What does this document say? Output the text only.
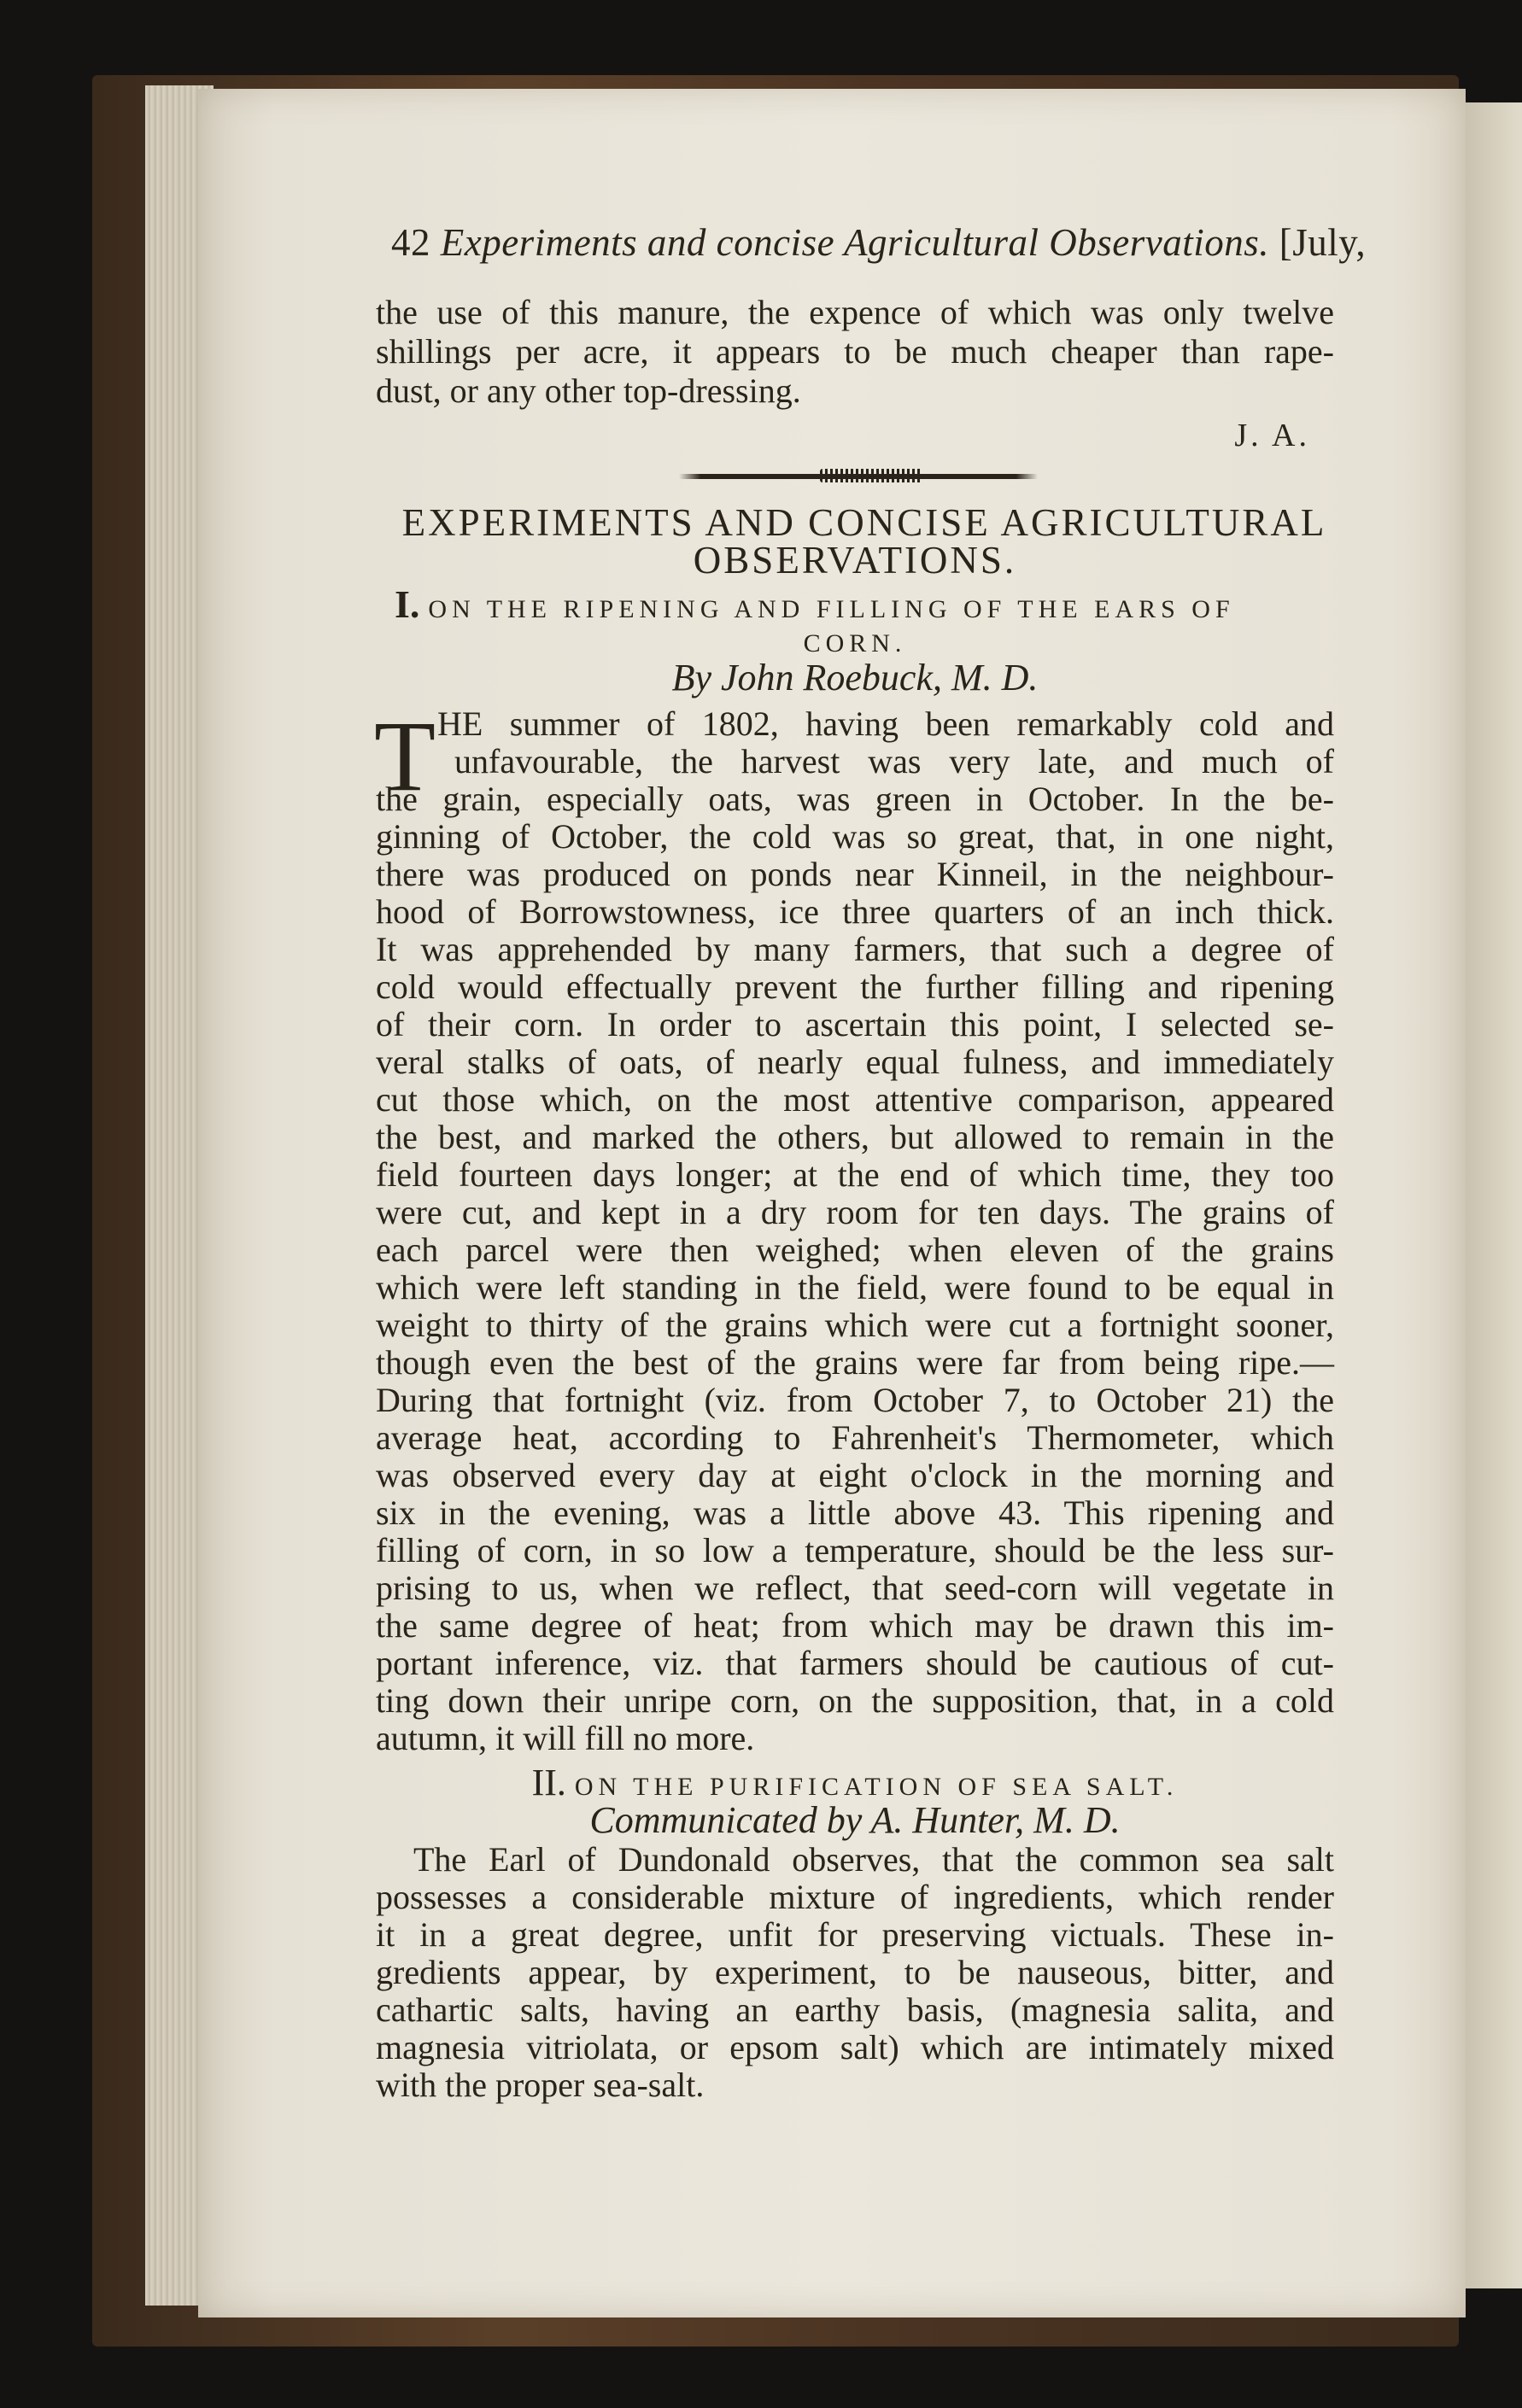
42 Experiments and concise Agricultural Observations. [July,
the use of this manure, the expence of which was only twelve
shillings per acre, it appears to be much cheaper than rape-
dust, or any other top-dressing.
J. A.
EXPERIMENTS AND CONCISE AGRICULTURAL
OBSERVATIONS.
I. ON THE RIPENING AND FILLING OF THE EARS OF
CORN.
By John Roebuck, M. D.
T HE summer of 1802, having been remarkably cold and
unfavourable, the harvest was very late, and much of
the grain, especially oats, was green in October. In the be-
ginning of October, the cold was so great, that, in one night,
there was produced on ponds near Kinneil, in the neighbour-
hood of Borrowstowness, ice three quarters of an inch thick.
It was apprehended by many farmers, that such a degree of
cold would effectually prevent the further filling and ripening
of their corn. In order to ascertain this point, I selected se-
veral stalks of oats, of nearly equal fulness, and immediately
cut those which, on the most attentive comparison, appeared
the best, and marked the others, but allowed to remain in the
field fourteen days longer; at the end of which time, they too
were cut, and kept in a dry room for ten days. The grains of
each parcel were then weighed; when eleven of the grains
which were left standing in the field, were found to be equal in
weight to thirty of the grains which were cut a fortnight sooner,
though even the best of the grains were far from being ripe.—
During that fortnight (viz. from October 7, to October 21) the
average heat, according to Fahrenheit's Thermometer, which
was observed every day at eight o'clock in the morning and
six in the evening, was a little above 43. This ripening and
filling of corn, in so low a temperature, should be the less sur-
prising to us, when we reflect, that seed-corn will vegetate in
the same degree of heat; from which may be drawn this im-
portant inference, viz. that farmers should be cautious of cut-
ting down their unripe corn, on the supposition, that, in a cold
autumn, it will fill no more.
II. ON THE PURIFICATION OF SEA SALT.
Communicated by A. Hunter, M. D.
The Earl of Dundonald observes, that the common sea salt
possesses a considerable mixture of ingredients, which render
it in a great degree, unfit for preserving victuals. These in-
gredients appear, by experiment, to be nauseous, bitter, and
cathartic salts, having an earthy basis, (magnesia salita, and
magnesia vitriolata, or epsom salt) which are intimately mixed
with the proper sea-salt.
